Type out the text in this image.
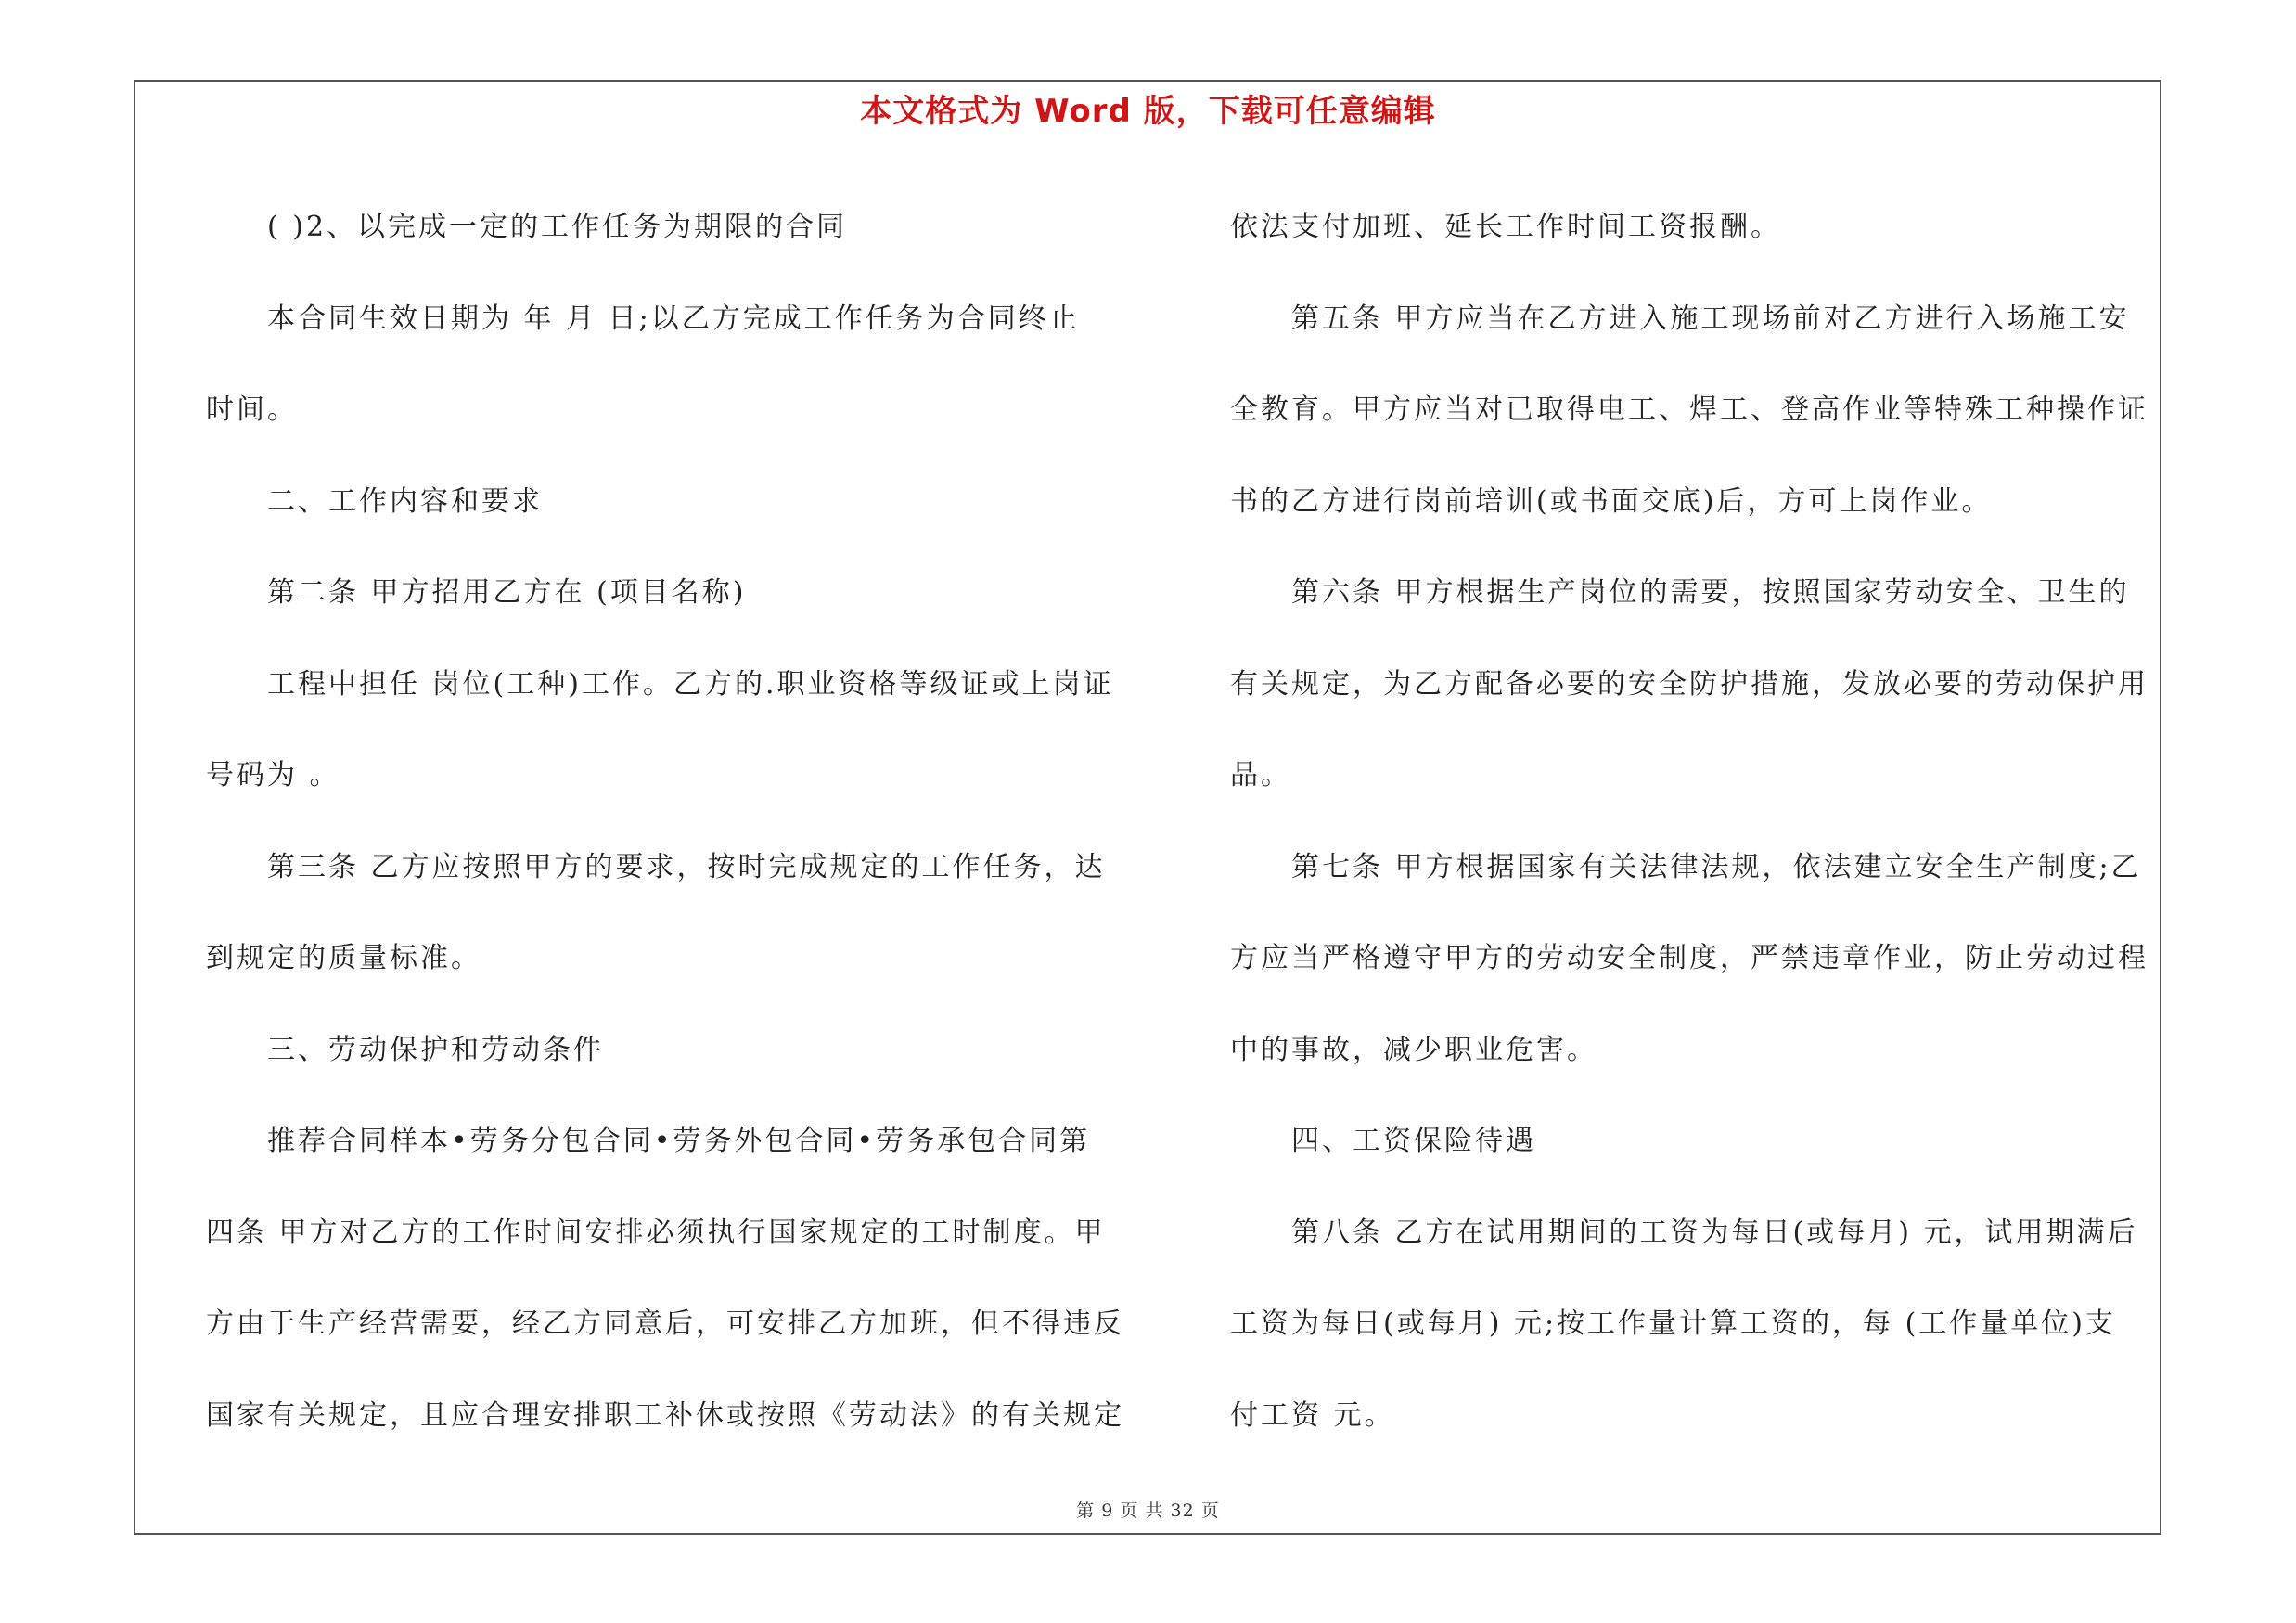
本文格式为 Word 版，下载可任意编辑
( )2、以完成一定的工作任务为期限的合同
本合同生效日期为 年 月 日;以乙方完成工作任务为合同终止
时间。
二、工作内容和要求
第二条 甲方招用乙方在 (项目名称)
工程中担任 岗位(工种)工作。乙方的.职业资格等级证或上岗证
号码为 。
第三条 乙方应按照甲方的要求，按时完成规定的工作任务，达
到规定的质量标准。
三、劳动保护和劳动条件
推荐合同样本•劳务分包合同•劳务外包合同•劳务承包合同第
四条 甲方对乙方的工作时间安排必须执行国家规定的工时制度。甲
方由于生产经营需要，经乙方同意后，可安排乙方加班，但不得违反
国家有关规定，且应合理安排职工补休或按照《劳动法》的有关规定
依法支付加班、延长工作时间工资报酬。
第五条 甲方应当在乙方进入施工现场前对乙方进行入场施工安
全教育。甲方应当对已取得电工、焊工、登高作业等特殊工种操作证
书的乙方进行岗前培训(或书面交底)后，方可上岗作业。
第六条 甲方根据生产岗位的需要，按照国家劳动安全、卫生的
有关规定，为乙方配备必要的安全防护措施，发放必要的劳动保护用
品。
第七条 甲方根据国家有关法律法规，依法建立安全生产制度;乙
方应当严格遵守甲方的劳动安全制度，严禁违章作业，防止劳动过程
中的事故，减少职业危害。
四、工资保险待遇
第八条 乙方在试用期间的工资为每日(或每月) 元，试用期满后
工资为每日(或每月) 元;按工作量计算工资的，每 (工作量单位)支
付工资 元。
第 9 页 共 32 页
